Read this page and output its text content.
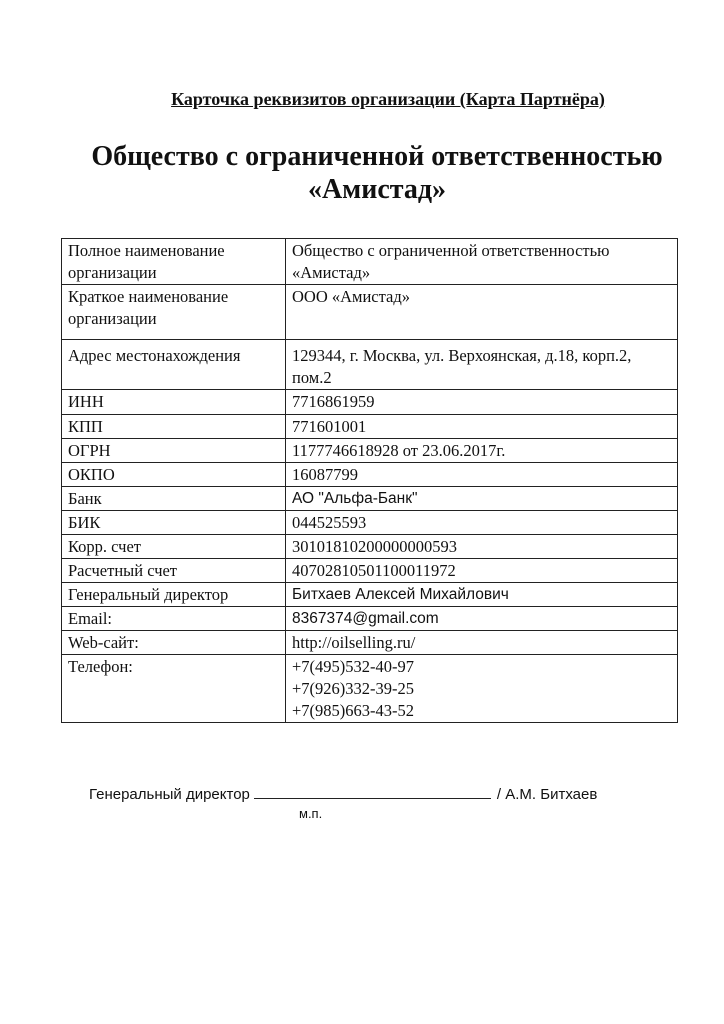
Карточка реквизитов организации (Карта Партнёра)
Общество с ограниченной ответственностью
«Амистад»
Полное наименование организации	Общество с ограниченной ответственностью «Амистад»
Краткое наименование организации	ООО «Амистад»
Адрес местонахождения	129344, г. Москва, ул. Верхоянская, д.18, корп.2, пом.2
ИНН	7716861959
КПП	771601001
ОГРН	1177746618928 от 23.06.2017г.
ОКПО	16087799
Банк	АО "Альфа-Банк"
БИК	044525593
Корр. счет	30101810200000000593
Расчетный счет	40702810501100011972
Генеральный директор	Битхаев Алексей Михайлович
Email:	8367374@gmail.com
Web-сайт:	http://oilselling.ru/
Телефон:	+7(495)532-40-97
+7(926)332-39-25
+7(985)663-43-52
Генеральный директор	/ А.М. Битхаев
м.п.
